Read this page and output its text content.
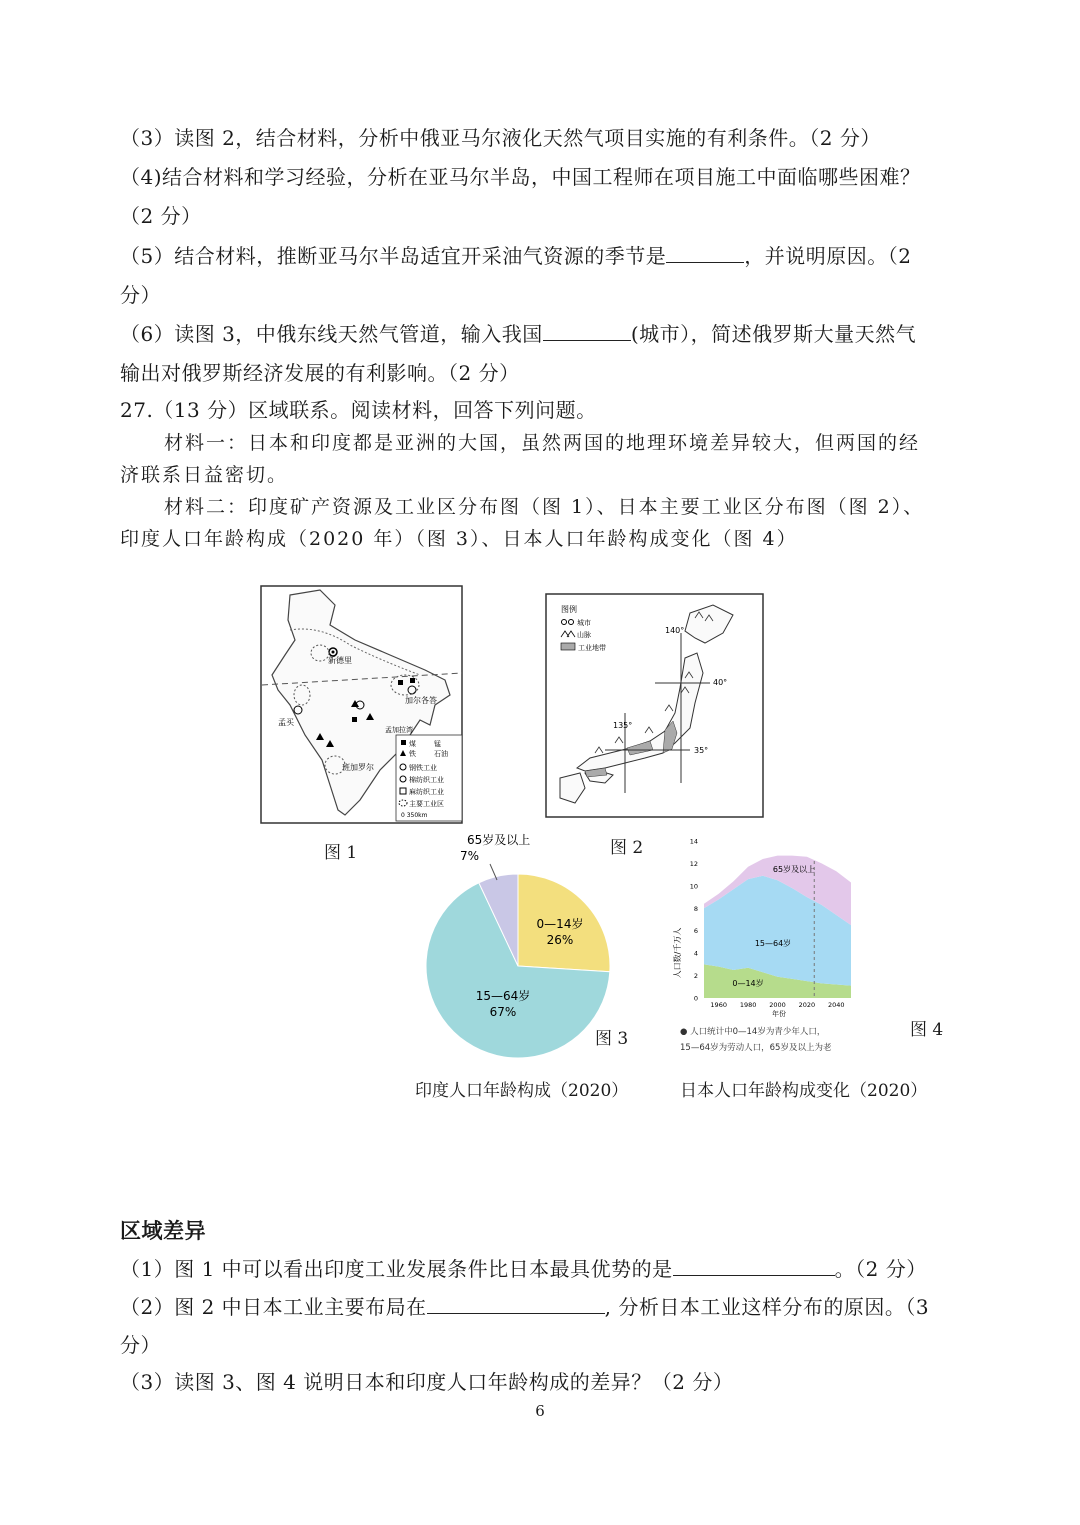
（3）读图 2，结合材料，分析中俄亚马尔液化天然气项目实施的有利条件。（2 分）
（4)结合材料和学习经验，分析在亚马尔半岛，中国工程师在项目施工中面临哪些困难？
（2 分）
（5）结合材料，推断亚马尔半岛适宜开采油气资源的季节是	，并说明原因。（2
分）
（6）读图 3，中俄东线天然气管道，输入我国	(城市），简述俄罗斯大量天然气
输出对俄罗斯经济发展的有利影响。（2 分）
27.（13 分）区域联系。阅读材料，回答下列问题。
材料一：日本和印度都是亚洲的大国，虽然两国的地理环境差异较大，但两国的经
济联系日益密切。
材料二：印度矿产资源及工业区分布图（图 1）、日本主要工业区分布图（图 2）、
印度人口年龄构成（2020 年）（图 3）、日本人口年龄构成变化（图 4）
新德里
加尔各答
孟买
孟加拉湾
班加罗尔
煤	锰
铁	石油
钢铁工业
棉纺织工业
麻纺织工业
主要工业区
0 350km
图 1
图例
城市
山脉
工业地带
140°
135°
40°
35°
图 2
65岁及以上
7%
0—14岁
26%
15—64岁
67%
图 3
印度人口年龄构成（2020）
0
2
4
6
8
10
12
14
1960 1980 2000 2020 2040
人口数/千万人
年份
65岁及以上
15—64岁
0—14岁
● 人口统计中0—14岁为青少年人口，
15—64岁为劳动人口，65岁及以上为老
图 4
日本人口年龄构成变化（2020）
区域差异
（1）图 1 中可以看出印度工业发展条件比日本最具优势的是	。（2 分）
（2）图 2 中日本工业主要布局在	, 分析日本工业这样分布的原因。（3
分）
（3）读图 3、图 4 说明日本和印度人口年龄构成的差异？（2 分）
6
